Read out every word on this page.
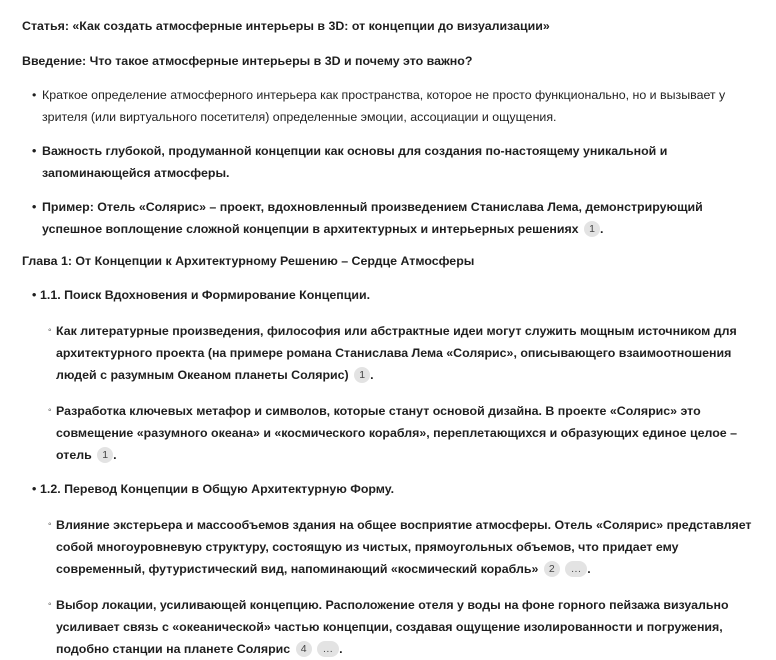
Статья: «Как создать атмосферные интерьеры в 3D: от концепции до визуализации»
Введение: Что такое атмосферные интерьеры в 3D и почему это важно?
• Краткое определение атмосферного интерьера как пространства, которое не просто функционально, но и вызывает у зрителя (или виртуального посетителя) определенные эмоции, ассоциации и ощущения.
• Важность глубокой, продуманной концепции как основы для создания по-настоящему уникальной и запоминающейся атмосферы.
• Пример: Отель «Солярис» – проект, вдохновленный произведением Станислава Лема, демонстрирующий успешное воплощение сложной концепции в архитектурных и интерьерных решениях 1 .
Глава 1: От Концепции к Архитектурному Решению – Сердце Атмосферы
• 1.1. Поиск Вдохновения и Формирование Концепции.
◦ Как литературные произведения, философия или абстрактные идеи могут служить мощным источником для архитектурного проекта (на примере романа Станислава Лема «Солярис», описывающего взаимоотношения людей с разумным Океаном планеты Солярис) 1 .
◦ Разработка ключевых метафор и символов, которые станут основой дизайна. В проекте «Солярис» это совмещение «разумного океана» и «космического корабля», переплетающихся и образующих единое целое – отель 1 .
• 1.2. Перевод Концепции в Общую Архитектурную Форму.
◦ Влияние экстерьера и массообъемов здания на общее восприятие атмосферы. Отель «Солярис» представляет собой многоуровневую структуру, состоящую из чистых, прямоугольных объемов, что придает ему современный, футуристический вид, напоминающий «космический корабль» 2 ... .
◦ Выбор локации, усиливающей концепцию. Расположение отеля у воды на фоне горного пейзажа визуально усиливает связь с «океанической» частью концепции, создавая ощущение изолированности и погружения, подобно станции на планете Солярис 4 ... .
